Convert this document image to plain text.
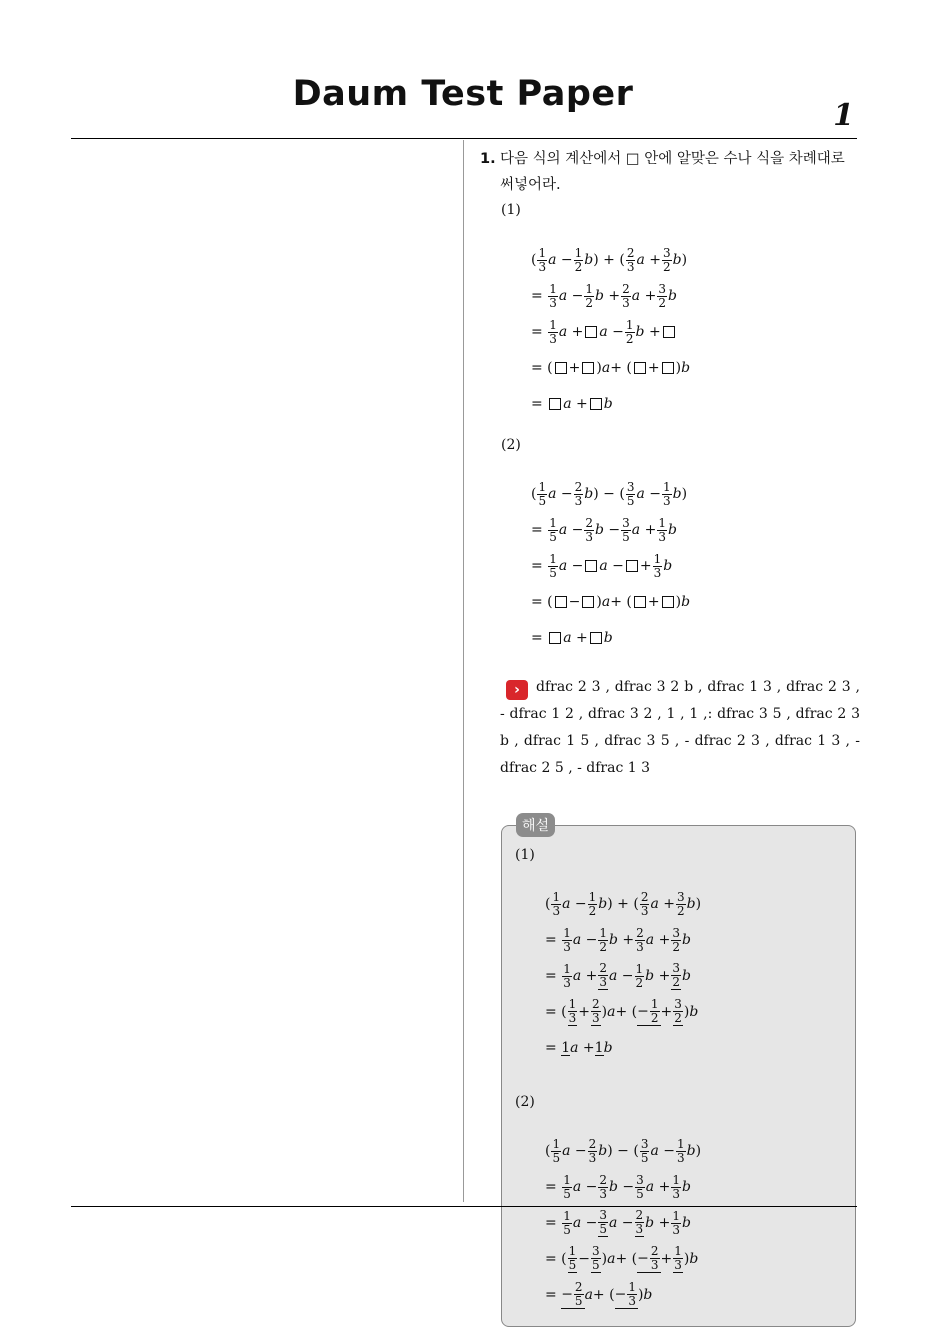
Daum Test Paper
1
1. 다음 식의 계산에서 □ 안에 알맞은 수나 식을 차례대로 써넣어라.
(1)
( 1
3 a − 1
2 b ) + ( 2
3 a + 3
2 b )
= $\frac{1}{3}$ a − 1
2 b + 2
3 a + 3
2 b
= $\frac{1}{3}$ a +
a − 1
2 b +
= ( + ) a + ( + ) b
= a +
b
(2)
( 1
5 a − 2
3 b ) − ( 3
5 a − 1
3 b )
= $\frac{1}{5}$ a − 2
3 b − 3
5 a + 1
3 b
= $\frac{1}{5}$ a −
a −
+ 1
3 b
= ( − ) a + ( + ) b
= a +
b
› dfrac 2 3 , dfrac 3 2 b , dfrac 1 3 , dfrac 2 3 , - dfrac 1 2 , dfrac 3 2 , 1 , 1 ,: dfrac 3 5 , dfrac 2 3 b , dfrac 1 5 , dfrac 3 5 , - dfrac 2 3 , dfrac 1 3 , - dfrac 2 5 , - dfrac 1 3
해설
(1)
( 1
3 a − 1
2 b ) + ( 2
3 a + 3
2 b )
= $\frac{1}{3}$ a − 1
2 b + 2
3 a + 3
2 b
= $\frac{1}{3}$ a + 2
3 a − 1
2 b + 3
2 b
= ( 1
$3 + \frac{2}{3}$ ) a + ( − $\frac{1}{2} + \frac{3}{2}$ ) b
= 1 a + 1 b
(2)
( 1
5 a − 2
3 b ) − ( 3
5 a − 1
3 b )
= $\frac{1}{5}$ a − 2
3 b − 3
5 a + 1
3 b
= $\frac{1}{5}$ a − 3
5 a − 2
3 b + 1
3 b
= ( 1
$5 - \frac{3}{5}$ ) a + ( − $\frac{2}{3} + \frac{1}{3}$ ) b
= − $\frac{2}{5}$ a + ( − $\frac{1}{3}$ ) b
